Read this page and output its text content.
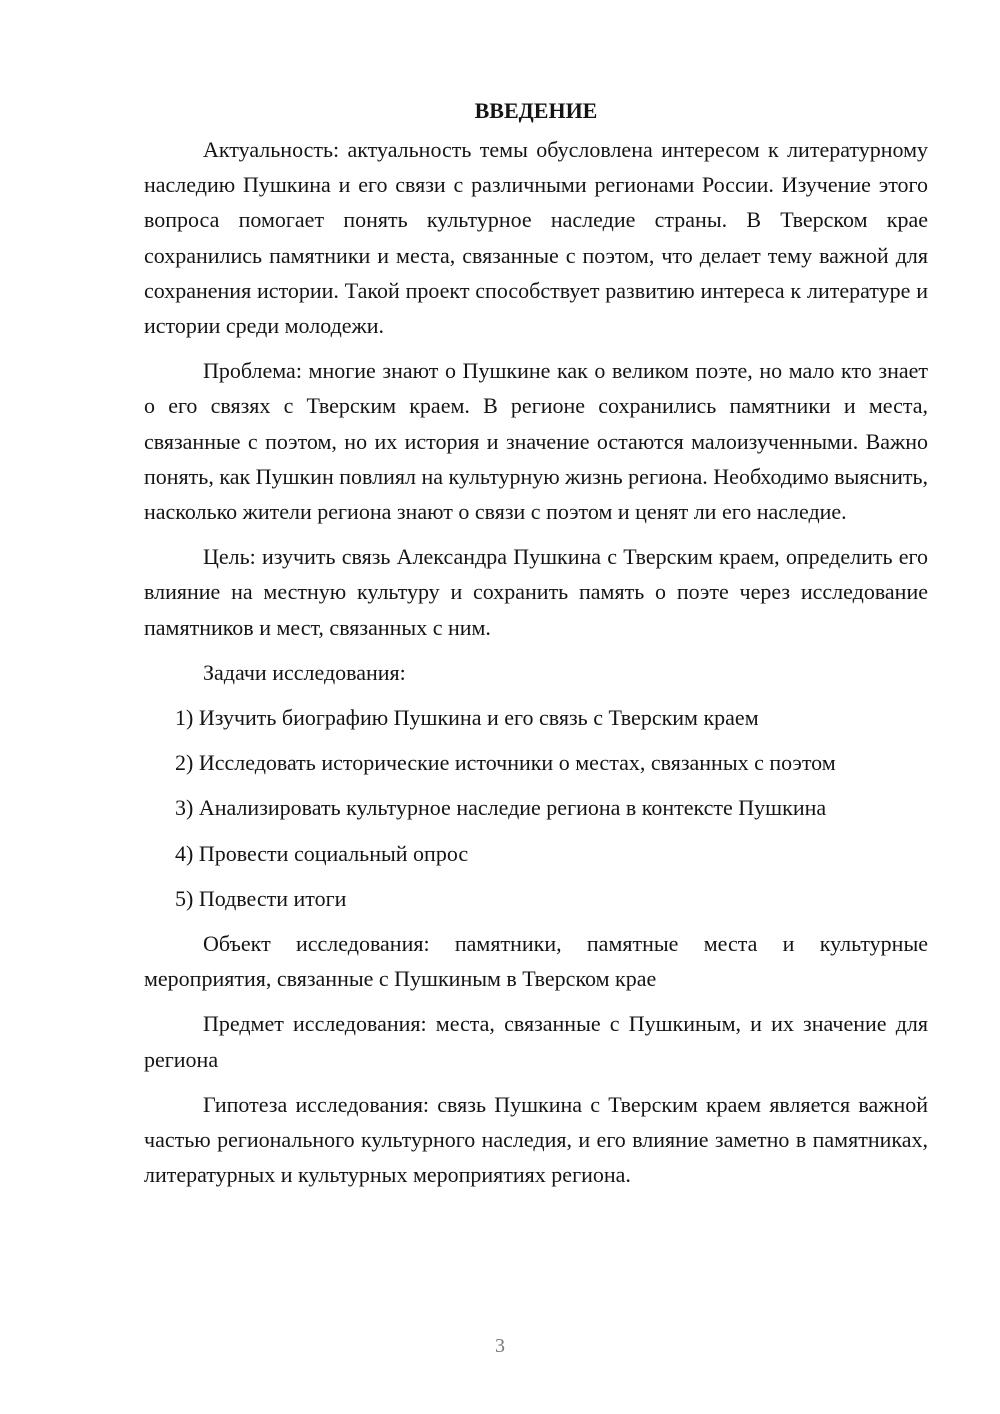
ВВЕДЕНИЕ

Актуальность: актуальность темы обусловлена интересом к литературному наследию Пушкина и его связи с различными регионами России. Изучение этого вопроса помогает понять культурное наследие страны. В Тверском крае сохранились памятники и места, связанные с поэтом, что делает тему важной для сохранения истории. Такой проект способствует развитию интереса к литературе и истории среди молодежи.

Проблема: многие знают о Пушкине как о великом поэте, но мало кто знает о его связях с Тверским краем. В регионе сохранились памятники и места, связанные с поэтом, но их история и значение остаются малоизученными. Важно понять, как Пушкин повлиял на культурную жизнь региона. Необходимо выяснить, насколько жители региона знают о связи с поэтом и ценят ли его наследие.

Цель: изучить связь Александра Пушкина с Тверским краем, определить его влияние на местную культуру и сохранить память о поэте через исследование памятников и мест, связанных с ним.

Задачи исследования:

1) Изучить биографию Пушкина и его связь с Тверским краем
2) Исследовать исторические источники о местах, связанных с поэтом
3) Анализировать культурное наследие региона в контексте Пушкина
4) Провести социальный опрос
5) Подвести итоги

Объект исследования: памятники, памятные места и культурные мероприятия, связанные с Пушкиным в Тверском крае

Предмет исследования: места, связанные с Пушкиным, и их значение для региона

Гипотеза исследования: связь Пушкина с Тверским краем является важной частью регионального культурного наследия, и его влияние заметно в памятниках, литературных и культурных мероприятиях региона.

3
